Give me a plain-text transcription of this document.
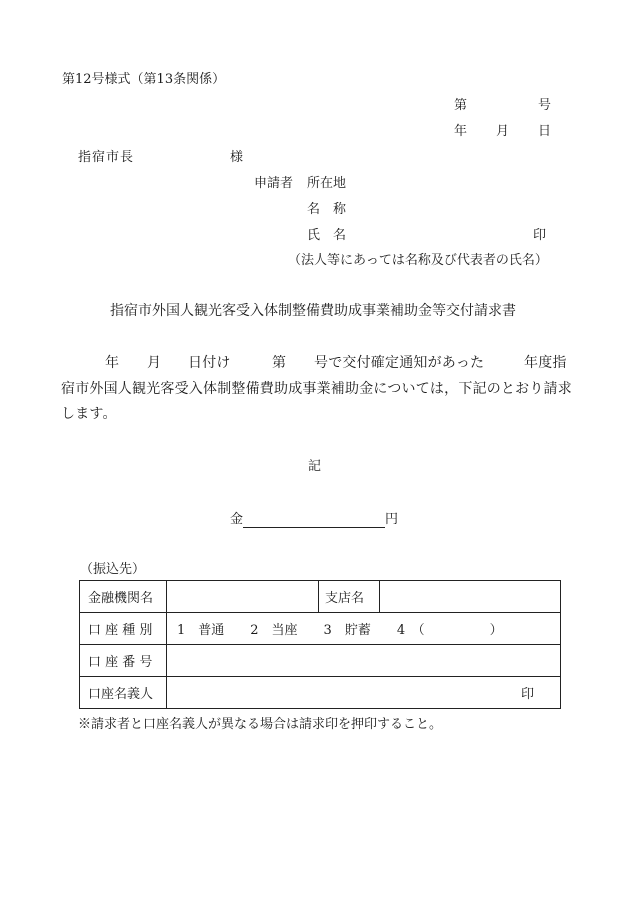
第12号様式（第13条関係）
第	号
年 月 日
指宿市長	様
申請者 所在地
名　称
氏　名	印
（法人等にあっては名称及び代表者の氏名）
指宿市外国人観光客受入体制整備費助成事業補助金等交付請求書
年 月 日付け	第 号で交付確定通知があった	年度指
宿市外国人観光客受入体制整備費助成事業補助金については，下記のとおり請求
します。
記
金	円
（振込先）
金融機関名		支店名	
口 座 種 別	1　普通　　2　当座　　3　貯蓄　　4　（　　　　　）		
口 座 番 号			
口座名義人	印		
※請求者と口座名義人が異なる場合は請求印を押印すること。
